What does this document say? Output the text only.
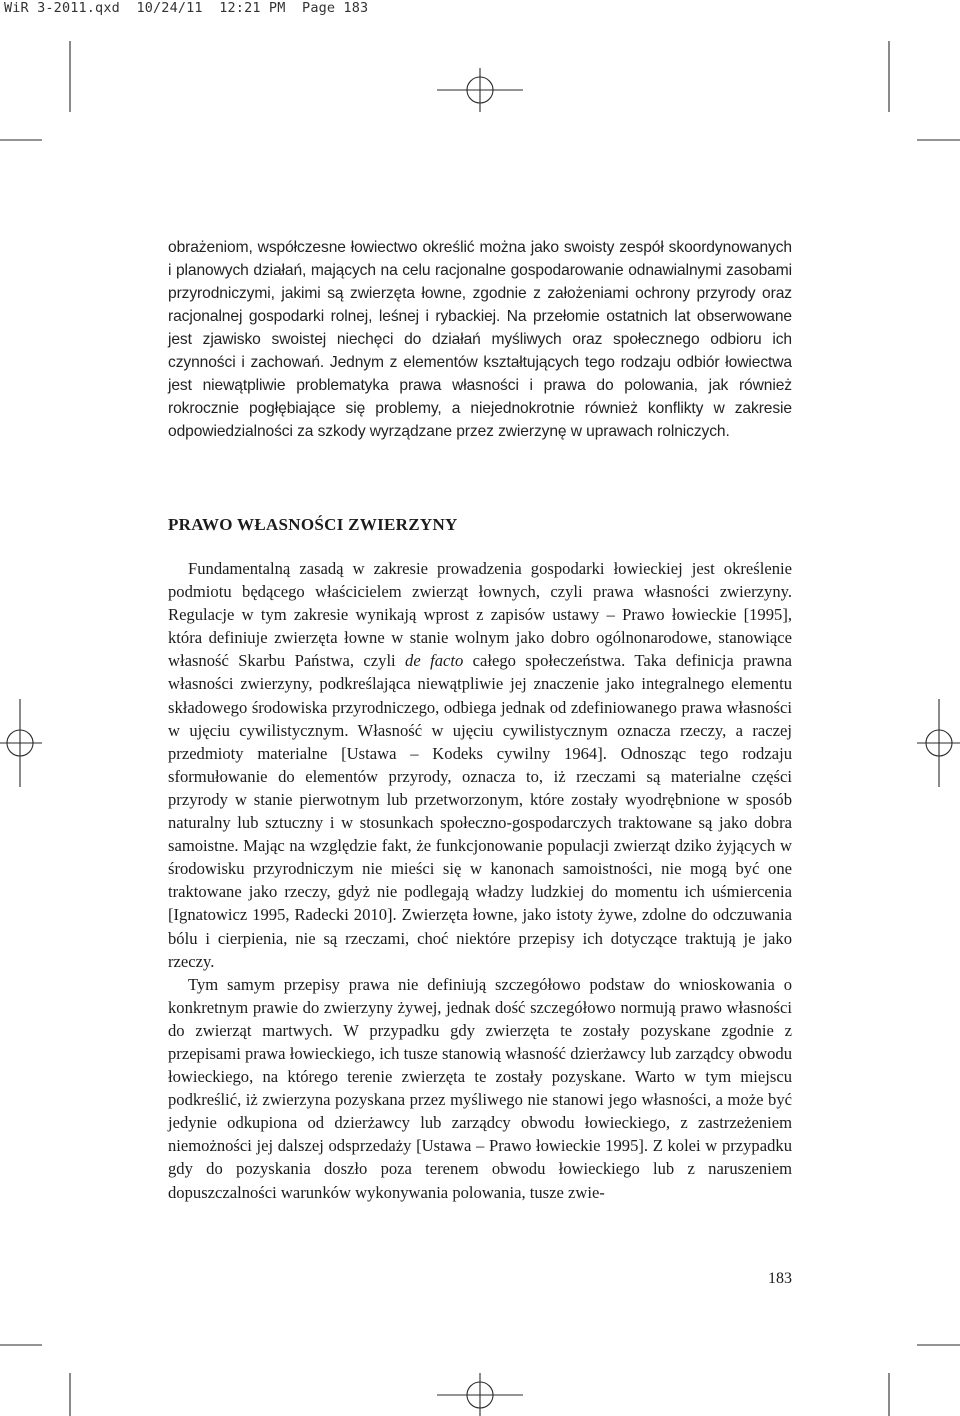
WiR 3-2011.qxd 10/24/11 12:21 PM Page 183

obrażeniom, współczesne łowiectwo określić można jako swoisty zespół skoordynowanych i planowych działań, mających na celu racjonalne gospodarowanie odnawialnymi zasobami przyrodniczymi, jakimi są zwierzęta łowne, zgodnie z założeniami ochrony przyrody oraz racjonalnej gospodarki rolnej, leśnej i rybackiej. Na przełomie ostatnich lat obserwowane jest zjawisko swoistej niechęci do działań myśliwych oraz społecznego odbioru ich czynności i zachowań. Jednym z elementów kształtujących tego rodzaju odbiór łowiectwa jest niewątpliwie problematyka prawa własności i prawa do polowania, jak również rokrocznie pogłębiające się problemy, a niejednokrotnie również konflikty w zakresie odpowiedzialności za szkody wyrządzane przez zwierzynę w uprawach rolniczych.

PRAWO WŁASNOŚCI ZWIERZYNY

Fundamentalną zasadą w zakresie prowadzenia gospodarki łowieckiej jest określenie podmiotu będącego właścicielem zwierząt łownych, czyli prawa własności zwierzyny. Regulacje w tym zakresie wynikają wprost z zapisów ustawy – Prawo łowieckie [1995], która definiuje zwierzęta łowne w stanie wolnym jako dobro ogólnonarodowe, stanowiące własność Skarbu Państwa, czyli de facto całego społeczeństwa. Taka definicja prawna własności zwierzyny, podkreślająca niewątpliwie jej znaczenie jako integralnego elementu składowego środowiska przyrodniczego, odbiega jednak od zdefiniowanego prawa własności w ujęciu cywilistycznym. Własność w ujęciu cywilistycznym oznacza rzeczy, a raczej przedmioty materialne [Ustawa – Kodeks cywilny 1964]. Odnosząc tego rodzaju sformułowanie do elementów przyrody, oznacza to, iż rzeczami są materialne części przyrody w stanie pierwotnym lub przetworzonym, które zostały wyodrębnione w sposób naturalny lub sztuczny i w stosunkach społeczno-gospodarczych traktowane są jako dobra samoistne. Mając na względzie fakt, że funkcjonowanie populacji zwierząt dziko żyjących w środowisku przyrodniczym nie mieści się w kanonach samoistności, nie mogą być one traktowane jako rzeczy, gdyż nie podlegają władzy ludzkiej do momentu ich uśmiercenia [Ignatowicz 1995, Radecki 2010]. Zwierzęta łowne, jako istoty żywe, zdolne do odczuwania bólu i cierpienia, nie są rzeczami, choć niektóre przepisy ich dotyczące traktują je jako rzeczy.

Tym samym przepisy prawa nie definiują szczegółowo podstaw do wnioskowania o konkretnym prawie do zwierzyny żywej, jednak dość szczegółowo normują prawo własności do zwierząt martwych. W przypadku gdy zwierzęta te zostały pozyskane zgodnie z przepisami prawa łowieckiego, ich tusze stanowią własność dzierżawcy lub zarządcy obwodu łowieckiego, na którego terenie zwierzęta te zostały pozyskane. Warto w tym miejscu podkreślić, iż zwierzyna pozyskana przez myśliwego nie stanowi jego własności, a może być jedynie odkupiona od dzierżawcy lub zarządcy obwodu łowieckiego, z zastrzeżeniem niemożności jej dalszej odsprzedaży [Ustawa – Prawo łowieckie 1995]. Z kolei w przypadku gdy do pozyskania doszło poza terenem obwodu łowieckiego lub z naruszeniem dopuszczalności warunków wykonywania polowania, tusze zwie-

183
